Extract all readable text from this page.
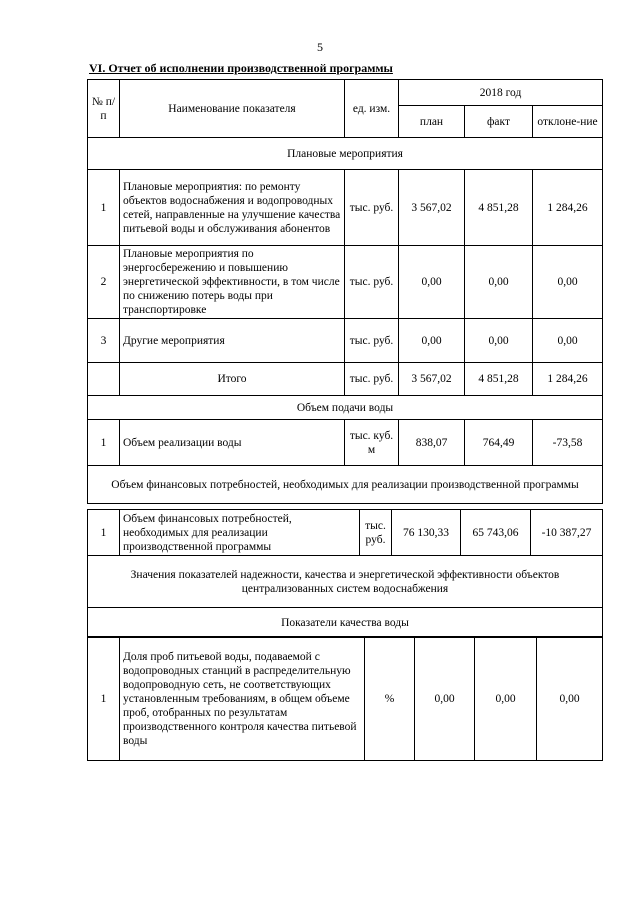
5
VI. Отчет об исполнении производственной программы
№ п/п	Наименование показателя	ед. изм.	2018 год		
			план	факт	отклоне-ние
Плановые мероприятия					
1	Плановые мероприятия: по ремонту объектов водоснабжения и водопроводных сетей, направленные на улучшение качества питьевой воды и обслуживания абонентов	тыс. руб.	3 567,02	4 851,28	1 284,26
2	Плановые мероприятия по энергосбережению и повышению энергетической эффективности, в том числе по снижению потерь воды при транспортировке	тыс. руб.	0,00	0,00	0,00
3	Другие мероприятия	тыс. руб.	0,00	0,00	0,00
	Итого	тыс. руб.	3 567,02	4 851,28	1 284,26
Объем подачи воды					
1	Объем реализации воды	тыс. куб. м	838,07	764,49	-73,58
Объем финансовых потребностей, необходимых для реализации производственной программы					
1	Объем финансовых потребностей, необходимых для реализации производственной программы	тыс. руб.	76 130,33	65 743,06	-10 387,27
Значения показателей надежности, качества и энергетической эффективности объектов централизованных систем водоснабжения
Показатели качества воды
1	Доля проб питьевой воды, подаваемой с водопроводных станций в распределительную водопроводную сеть, не соответствующих установленным требованиям, в общем объеме проб, отобранных по результатам производственного контроля качества питьевой воды	%	0,00	0,00	0,00
